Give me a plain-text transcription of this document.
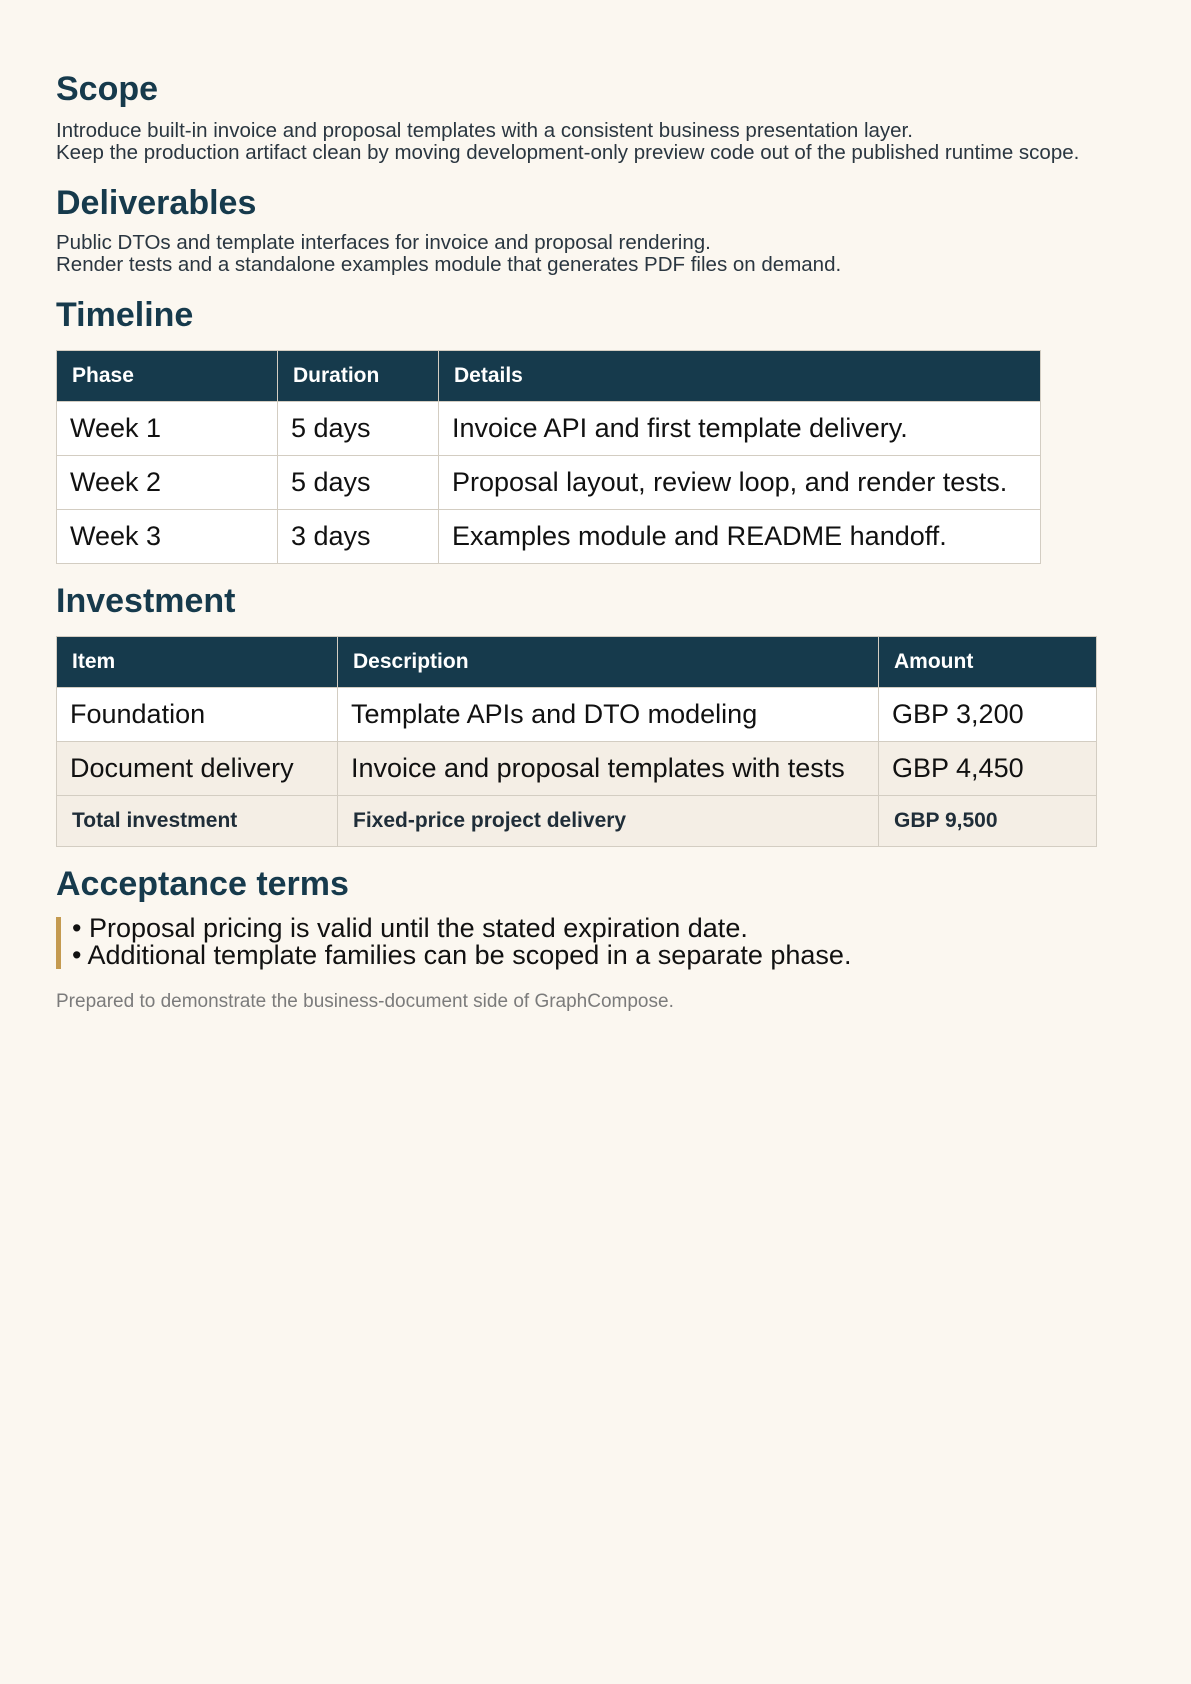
Scope

Introduce built-in invoice and proposal templates with a consistent business presentation layer.

Keep the production artifact clean by moving development-only preview code out of the published runtime scope.

Deliverables

Public DTOs and template interfaces for invoice and proposal rendering.

Render tests and a standalone examples module that generates PDF files on demand.

Timeline
Phase	Duration	Details
Week 1	5 days	Invoice API and first template delivery.
Week 2	5 days	Proposal layout, review loop, and render tests.
Week 3	3 days	Examples module and README handoff.
Investment
Item	Description	Amount
Foundation	Template APIs and DTO modeling	GBP 3,200
Document delivery	Invoice and proposal templates with tests	GBP 4,450
Total investment	Fixed-price project delivery	GBP 9,500
Acceptance terms
• Proposal pricing is valid until the stated expiration date.
• Additional template families can be scoped in a separate phase.
Prepared to demonstrate the business-document side of GraphCompose.
